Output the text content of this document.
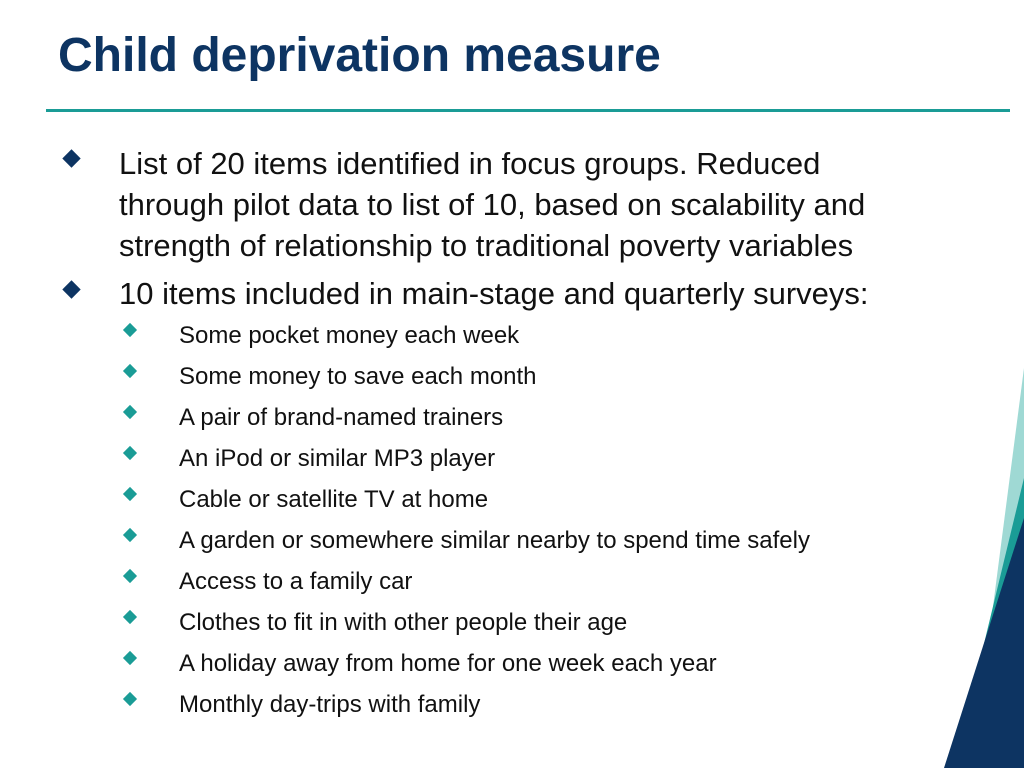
Child deprivation measure

List of 20 items identified in focus groups. Reduced
through pilot data to list of 10, based on scalability and
strength of relationship to traditional poverty variables

10 items included in main-stage and quarterly surveys:

Some pocket money each week

Some money to save each month

A pair of brand-named trainers

An iPod or similar MP3 player

Cable or satellite TV at home

A garden or somewhere similar nearby to spend time safely

Access to a family car

Clothes to fit in with other people their age

A holiday away from home for one week each year

Monthly day-trips with family
